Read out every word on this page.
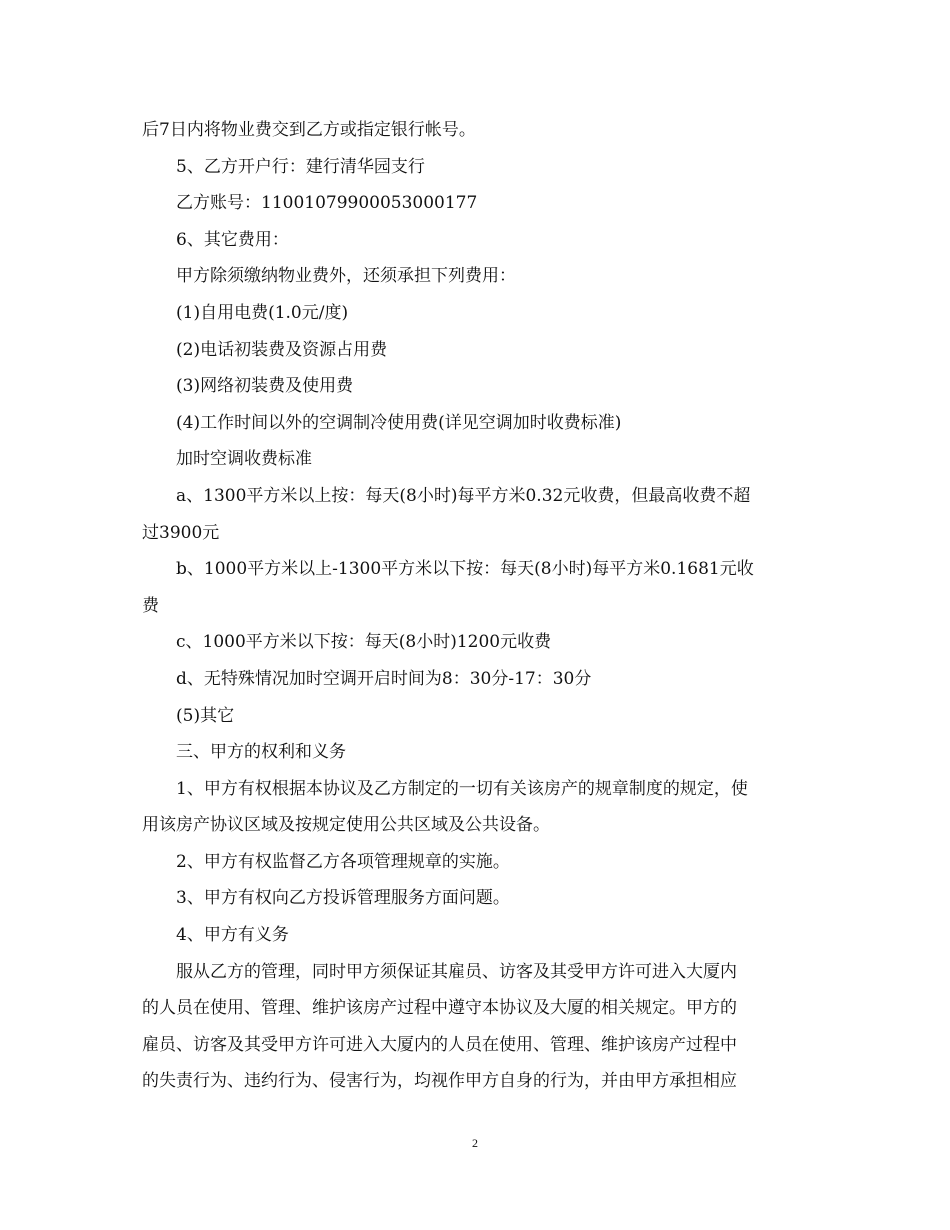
后7日内将物业费交到乙方或指定银行帐号。
5、乙方开户行：建行清华园支行
乙方账号：11001079900053000177
6、其它费用：
甲方除须缴纳物业费外，还须承担下列费用：
(1)自用电费(1.0元/度)
(2)电话初装费及资源占用费
(3)网络初装费及使用费
(4)工作时间以外的空调制冷使用费(详见空调加时收费标准)
加时空调收费标准
a、1300平方米以上按：每天(8小时)每平方米0.32元收费，但最高收费不超
过3900元
b、1000平方米以上-1300平方米以下按：每天(8小时)每平方米0.1681元收
费
c、1000平方米以下按：每天(8小时)1200元收费
d、无特殊情况加时空调开启时间为8：30分-17：30分
(5)其它
三、甲方的权利和义务
1、甲方有权根据本协议及乙方制定的一切有关该房产的规章制度的规定，使
用该房产协议区域及按规定使用公共区域及公共设备。
2、甲方有权监督乙方各项管理规章的实施。
3、甲方有权向乙方投诉管理服务方面问题。
4、甲方有义务
服从乙方的管理，同时甲方须保证其雇员、访客及其受甲方许可进入大厦内
的人员在使用、管理、维护该房产过程中遵守本协议及大厦的相关规定。甲方的
雇员、访客及其受甲方许可进入大厦内的人员在使用、管理、维护该房产过程中
的失责行为、违约行为、侵害行为，均视作甲方自身的行为，并由甲方承担相应
2
